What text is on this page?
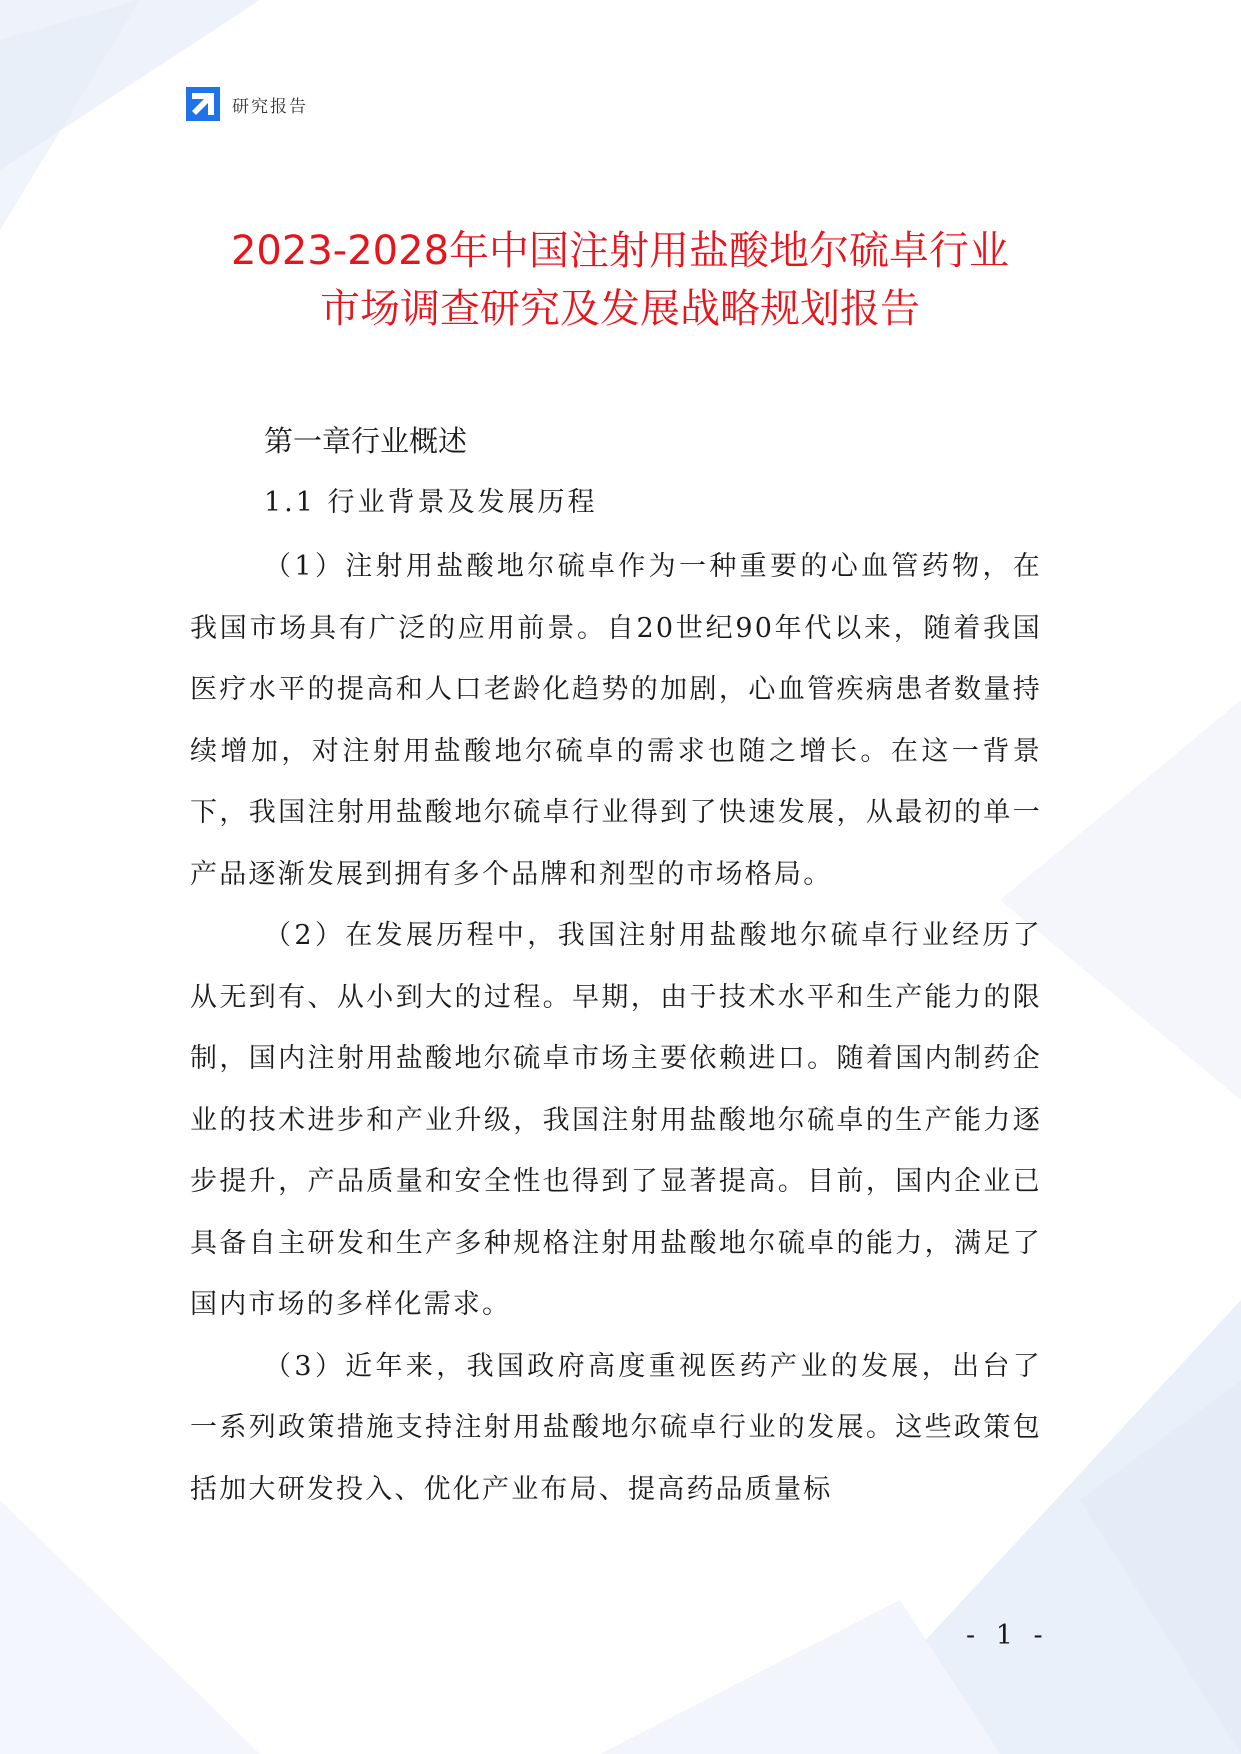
研究报告
2023-2028年中国注射用盐酸地尔硫卓行业
市场调查研究及发展战略规划报告
第一章行业概述
1.1 行业背景及发展历程

（1）注射用盐酸地尔硫卓作为一种重要的心血管药物，在我国市场具有广泛的应用前景。自20世纪90年代以来，随着我国医疗水平的提高和人口老龄化趋势的加剧，心血管疾病患者数量持续增加，对注射用盐酸地尔硫卓的需求也随之增长。在这一背景下，我国注射用盐酸地尔硫卓行业得到了快速发展，从最初的单一产品逐渐发展到拥有多个品牌和剂型的市场格局。

（2）在发展历程中，我国注射用盐酸地尔硫卓行业经历了从无到有、从小到大的过程。早期，由于技术水平和生产能力的限制，国内注射用盐酸地尔硫卓市场主要依赖进口。随着国内制药企业的技术进步和产业升级，我国注射用盐酸地尔硫卓的生产能力逐步提升，产品质量和安全性也得到了显著提高。目前，国内企业已具备自主研发和生产多种规格注射用盐酸地尔硫卓的能力，满足了国内市场的多样化需求。

（3）近年来，我国政府高度重视医药产业的发展，出台了一系列政策措施支持注射用盐酸地尔硫卓行业的发展。这些政策包括加大研发投入、优化产业布局、提高药品质量标

- 1 -
